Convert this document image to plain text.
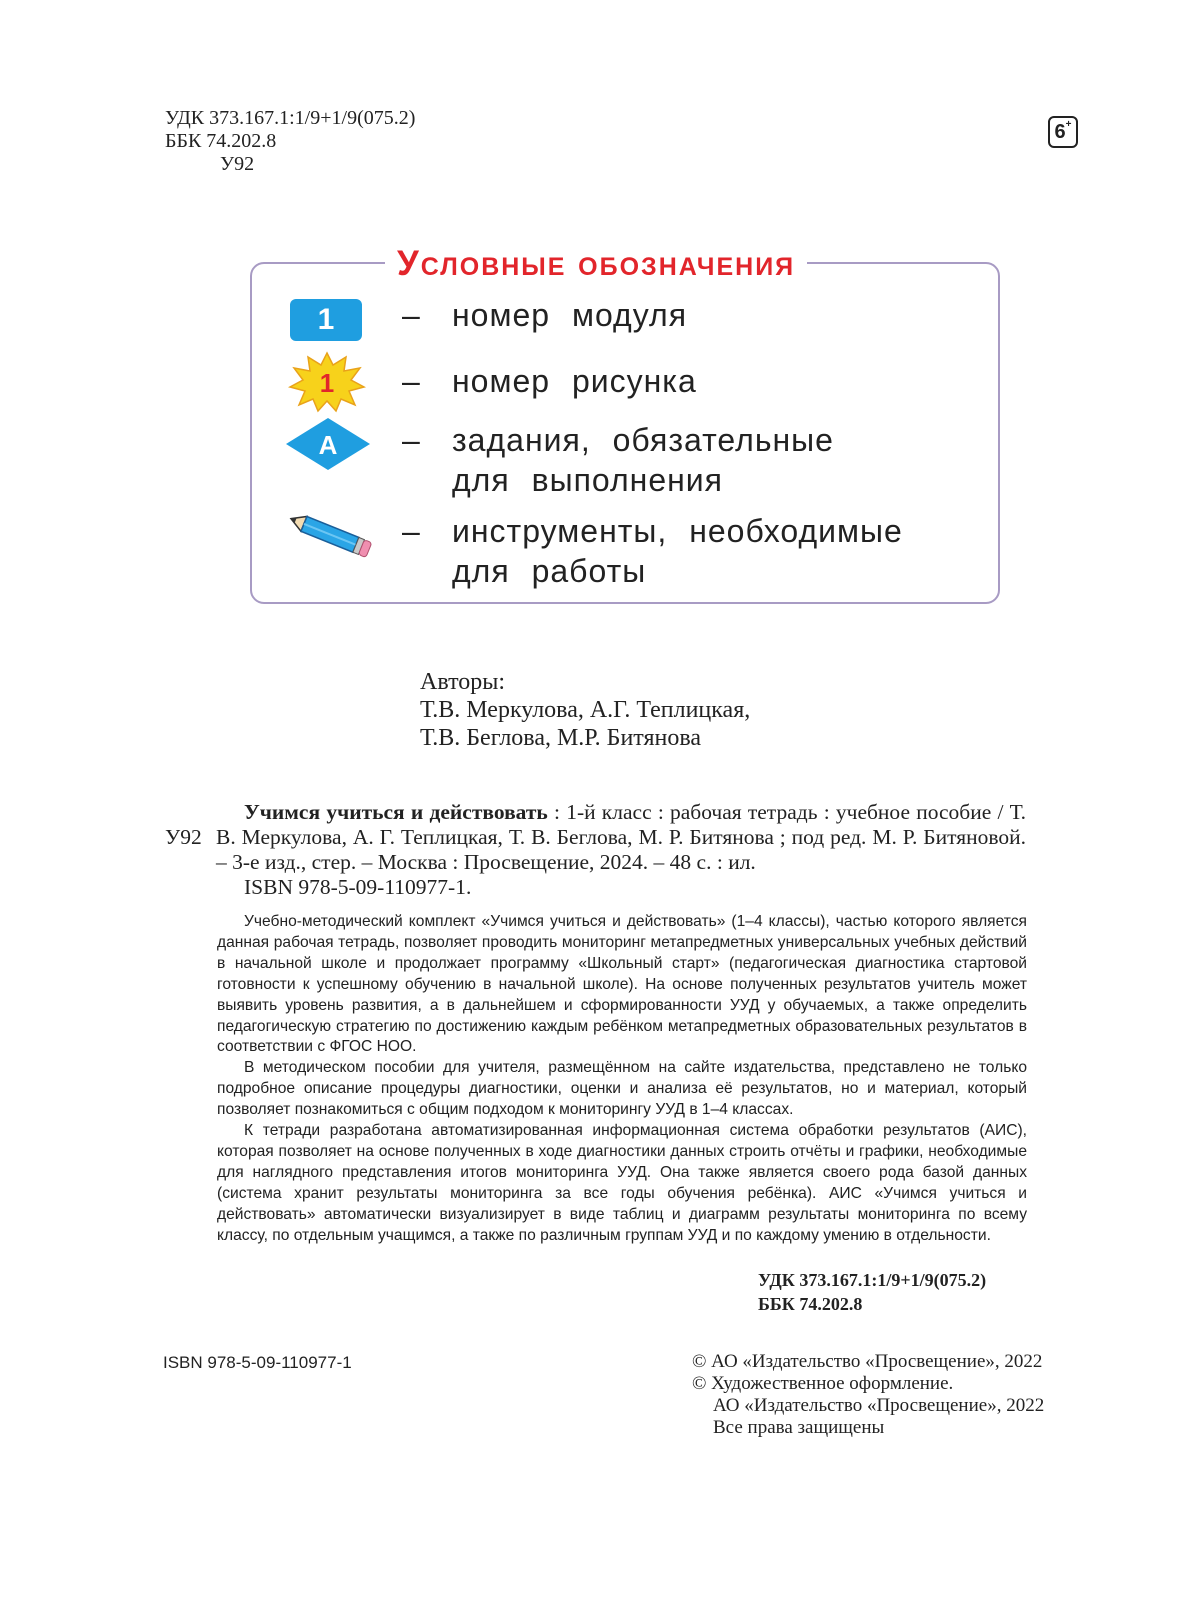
УДК 373.167.1:1/9+1/9(075.2)
ББК 74.202.8
У92
6+
Условные обозначения
1	– номер модуля
1 – номер рисунка
А – задания, обязательные
для выполнения
– инструменты, необходимые
для работы
Авторы:
Т.В. Меркулова, А.Г. Теплицкая,
Т.В. Беглова, М.Р. Битянова
У92

Учимся учиться и действовать : 1-й класс : рабочая тетрадь : учебное пособие / Т. В. Меркулова, А. Г. Теплицкая, Т. В. Беглова, М. Р. Битянова ; под ред. М. Р. Битяновой. – 3-е изд., стер. – Москва : Просвещение, 2024. – 48 с. : ил.

ISBN 978-5-09-110977-1.

Учебно-методический комплект «Учимся учиться и действовать» (1–4 классы), частью которого является данная рабочая тетрадь, позволяет проводить мониторинг метапредметных универсальных учебных действий в начальной школе и продолжает программу «Школьный старт» (педагогическая диагностика стартовой готовности к успешному обучению в начальной школе). На основе полученных результатов учитель может выявить уровень развития, а в дальнейшем и сформированности УУД у обучаемых, а также определить педагогическую стратегию по достижению каждым ребёнком метапредметных образовательных результатов в соответствии с ФГОС НОО.

В методическом пособии для учителя, размещённом на сайте издательства, представлено не только подробное описание процедуры диагностики, оценки и анализа её результатов, но и материал, который позволяет познакомиться с общим подходом к мониторингу УУД в 1–4 классах.

К тетради разработана автоматизированная информационная система обработки результатов (АИС), которая позволяет на основе полученных в ходе диагностики данных строить отчёты и графики, необходимые для наглядного представления итогов мониторинга УУД. Она также является своего рода базой данных (система хранит результаты мониторинга за все годы обучения ребёнка). АИС «Учимся учиться и действовать» автоматически визуализирует в виде таблиц и диаграмм результаты мониторинга по всему классу, по отдельным учащимся, а также по различным группам УУД и по каждому умению в отдельности.

УДК 373.167.1:1/9+1/9(075.2)
ББК 74.202.8
ISBN 978-5-09-110977-1	© АО «Издательство «Просвещение», 2022
© Художественное оформление.
АО «Издательство «Просвещение», 2022
Все права защищены
